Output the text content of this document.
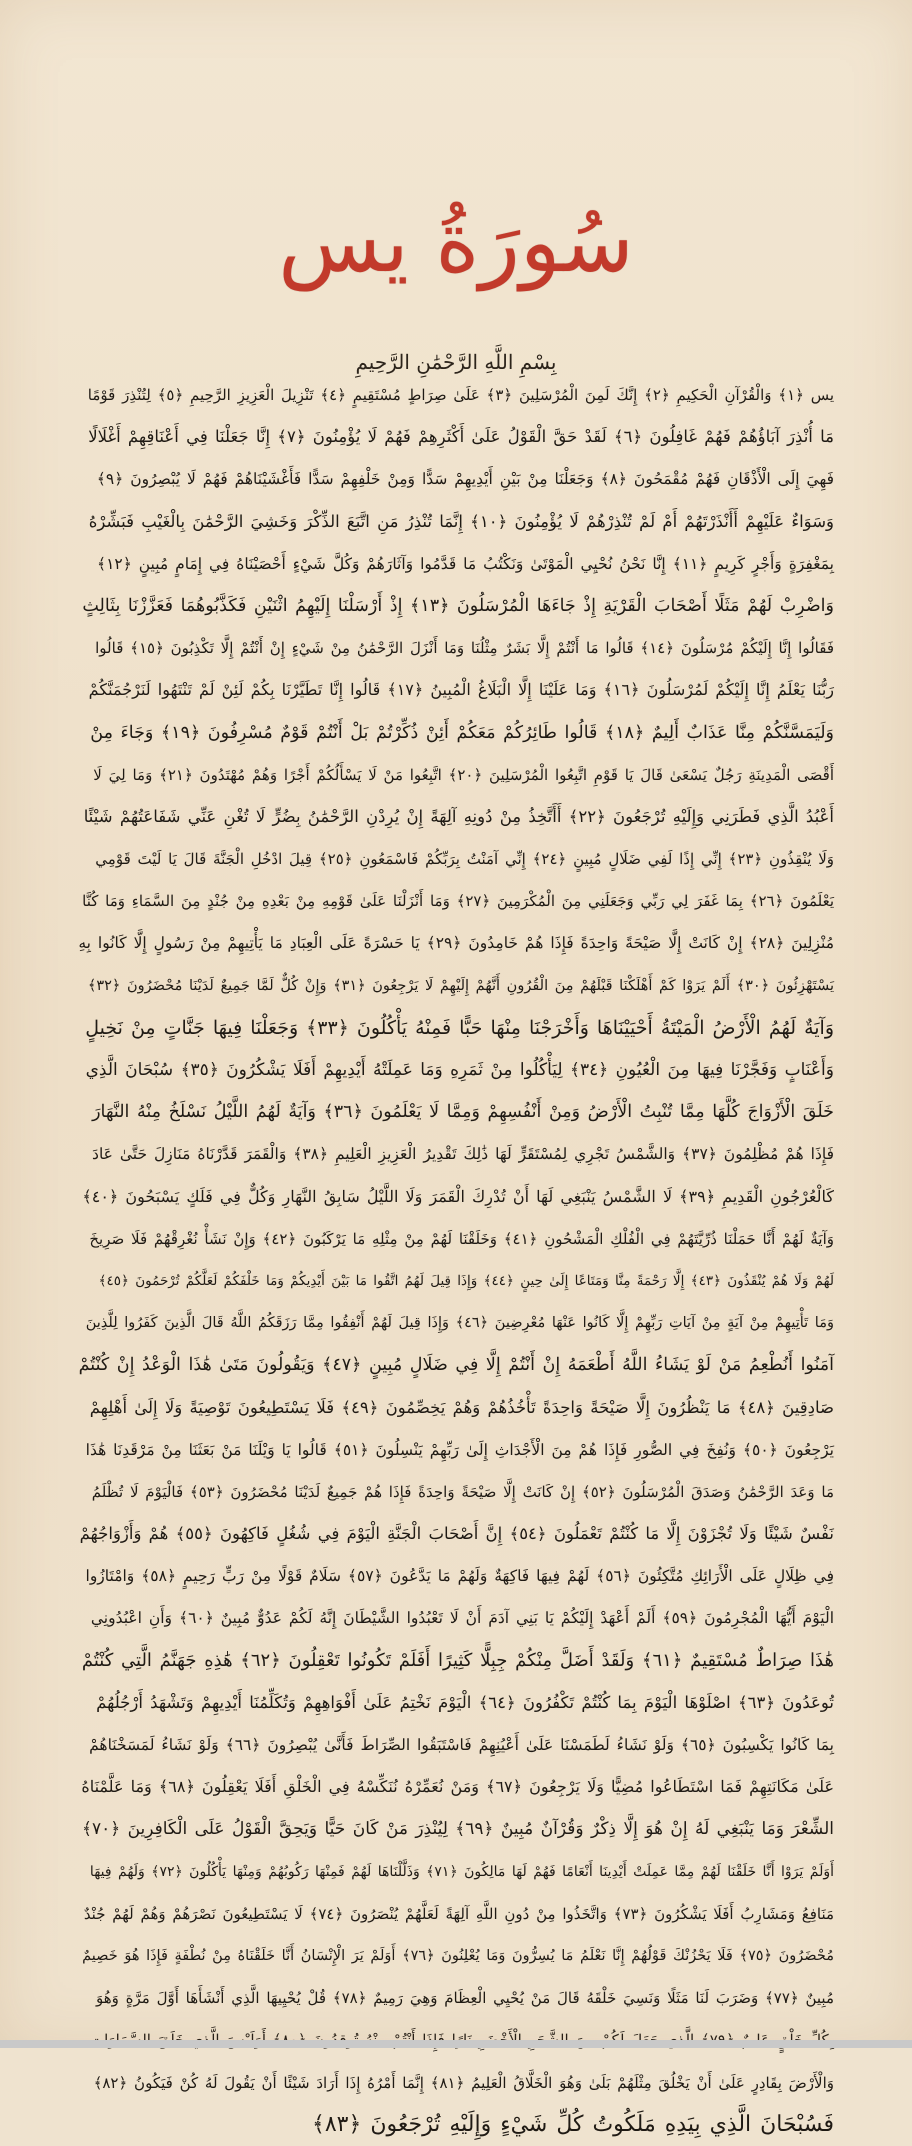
سُورَةُ يس
بِسْمِ اللَّهِ الرَّحْمَٰنِ الرَّحِيمِ
يس ﴿١﴾ وَالْقُرْآنِ الْحَكِيمِ ﴿٢﴾ إِنَّكَ لَمِنَ الْمُرْسَلِينَ ﴿٣﴾ عَلَىٰ صِرَاطٍ مُسْتَقِيمٍ ﴿٤﴾ تَنْزِيلَ الْعَزِيزِ الرَّحِيمِ ﴿٥﴾ لِتُنْذِرَ قَوْمًا
مَا أُنْذِرَ آبَاؤُهُمْ فَهُمْ غَافِلُونَ ﴿٦﴾ لَقَدْ حَقَّ الْقَوْلُ عَلَىٰ أَكْثَرِهِمْ فَهُمْ لَا يُؤْمِنُونَ ﴿٧﴾ إِنَّا جَعَلْنَا فِي أَعْنَاقِهِمْ أَغْلَالًا
فَهِيَ إِلَى الْأَذْقَانِ فَهُمْ مُقْمَحُونَ ﴿٨﴾ وَجَعَلْنَا مِنْ بَيْنِ أَيْدِيهِمْ سَدًّا وَمِنْ خَلْفِهِمْ سَدًّا فَأَغْشَيْنَاهُمْ فَهُمْ لَا يُبْصِرُونَ ﴿٩﴾
وَسَوَاءٌ عَلَيْهِمْ أَأَنْذَرْتَهُمْ أَمْ لَمْ تُنْذِرْهُمْ لَا يُؤْمِنُونَ ﴿١٠﴾ إِنَّمَا تُنْذِرُ مَنِ اتَّبَعَ الذِّكْرَ وَخَشِيَ الرَّحْمَٰنَ بِالْغَيْبِ فَبَشِّرْهُ
بِمَغْفِرَةٍ وَأَجْرٍ كَرِيمٍ ﴿١١﴾ إِنَّا نَحْنُ نُحْيِي الْمَوْتَىٰ وَنَكْتُبُ مَا قَدَّمُوا وَآثَارَهُمْ وَكُلَّ شَيْءٍ أَحْصَيْنَاهُ فِي إِمَامٍ مُبِينٍ ﴿١٢﴾
وَاضْرِبْ لَهُمْ مَثَلًا أَصْحَابَ الْقَرْيَةِ إِذْ جَاءَهَا الْمُرْسَلُونَ ﴿١٣﴾ إِذْ أَرْسَلْنَا إِلَيْهِمُ اثْنَيْنِ فَكَذَّبُوهُمَا فَعَزَّزْنَا بِثَالِثٍ
فَقَالُوا إِنَّا إِلَيْكُمْ مُرْسَلُونَ ﴿١٤﴾ قَالُوا مَا أَنْتُمْ إِلَّا بَشَرٌ مِثْلُنَا وَمَا أَنْزَلَ الرَّحْمَٰنُ مِنْ شَيْءٍ إِنْ أَنْتُمْ إِلَّا تَكْذِبُونَ ﴿١٥﴾ قَالُوا
رَبُّنَا يَعْلَمُ إِنَّا إِلَيْكُمْ لَمُرْسَلُونَ ﴿١٦﴾ وَمَا عَلَيْنَا إِلَّا الْبَلَاغُ الْمُبِينُ ﴿١٧﴾ قَالُوا إِنَّا تَطَيَّرْنَا بِكُمْ لَئِنْ لَمْ تَنْتَهُوا لَنَرْجُمَنَّكُمْ
وَلَيَمَسَّنَّكُمْ مِنَّا عَذَابٌ أَلِيمٌ ﴿١٨﴾ قَالُوا طَائِرُكُمْ مَعَكُمْ أَئِنْ ذُكِّرْتُمْ بَلْ أَنْتُمْ قَوْمٌ مُسْرِفُونَ ﴿١٩﴾ وَجَاءَ مِنْ
أَقْصَى الْمَدِينَةِ رَجُلٌ يَسْعَىٰ قَالَ يَا قَوْمِ اتَّبِعُوا الْمُرْسَلِينَ ﴿٢٠﴾ اتَّبِعُوا مَنْ لَا يَسْأَلُكُمْ أَجْرًا وَهُمْ مُهْتَدُونَ ﴿٢١﴾ وَمَا لِيَ لَا
أَعْبُدُ الَّذِي فَطَرَنِي وَإِلَيْهِ تُرْجَعُونَ ﴿٢٢﴾ أَأَتَّخِذُ مِنْ دُونِهِ آلِهَةً إِنْ يُرِدْنِ الرَّحْمَٰنُ بِضُرٍّ لَا تُغْنِ عَنِّي شَفَاعَتُهُمْ شَيْئًا
وَلَا يُنْقِذُونِ ﴿٢٣﴾ إِنِّي إِذًا لَفِي ضَلَالٍ مُبِينٍ ﴿٢٤﴾ إِنِّي آمَنْتُ بِرَبِّكُمْ فَاسْمَعُونِ ﴿٢٥﴾ قِيلَ ادْخُلِ الْجَنَّةَ قَالَ يَا لَيْتَ قَوْمِي
يَعْلَمُونَ ﴿٢٦﴾ بِمَا غَفَرَ لِي رَبِّي وَجَعَلَنِي مِنَ الْمُكْرَمِينَ ﴿٢٧﴾ وَمَا أَنْزَلْنَا عَلَىٰ قَوْمِهِ مِنْ بَعْدِهِ مِنْ جُنْدٍ مِنَ السَّمَاءِ وَمَا كُنَّا
مُنْزِلِينَ ﴿٢٨﴾ إِنْ كَانَتْ إِلَّا صَيْحَةً وَاحِدَةً فَإِذَا هُمْ خَامِدُونَ ﴿٢٩﴾ يَا حَسْرَةً عَلَى الْعِبَادِ مَا يَأْتِيهِمْ مِنْ رَسُولٍ إِلَّا كَانُوا بِهِ
يَسْتَهْزِئُونَ ﴿٣٠﴾ أَلَمْ يَرَوْا كَمْ أَهْلَكْنَا قَبْلَهُمْ مِنَ الْقُرُونِ أَنَّهُمْ إِلَيْهِمْ لَا يَرْجِعُونَ ﴿٣١﴾ وَإِنْ كُلٌّ لَمَّا جَمِيعٌ لَدَيْنَا مُحْضَرُونَ ﴿٣٢﴾
وَآيَةٌ لَهُمُ الْأَرْضُ الْمَيْتَةُ أَحْيَيْنَاهَا وَأَخْرَجْنَا مِنْهَا حَبًّا فَمِنْهُ يَأْكُلُونَ ﴿٣٣﴾ وَجَعَلْنَا فِيهَا جَنَّاتٍ مِنْ نَخِيلٍ
وَأَعْنَابٍ وَفَجَّرْنَا فِيهَا مِنَ الْعُيُونِ ﴿٣٤﴾ لِيَأْكُلُوا مِنْ ثَمَرِهِ وَمَا عَمِلَتْهُ أَيْدِيهِمْ أَفَلَا يَشْكُرُونَ ﴿٣٥﴾ سُبْحَانَ الَّذِي
خَلَقَ الْأَزْوَاجَ كُلَّهَا مِمَّا تُنْبِتُ الْأَرْضُ وَمِنْ أَنْفُسِهِمْ وَمِمَّا لَا يَعْلَمُونَ ﴿٣٦﴾ وَآيَةٌ لَهُمُ اللَّيْلُ نَسْلَخُ مِنْهُ النَّهَارَ
فَإِذَا هُمْ مُظْلِمُونَ ﴿٣٧﴾ وَالشَّمْسُ تَجْرِي لِمُسْتَقَرٍّ لَهَا ذَٰلِكَ تَقْدِيرُ الْعَزِيزِ الْعَلِيمِ ﴿٣٨﴾ وَالْقَمَرَ قَدَّرْنَاهُ مَنَازِلَ حَتَّىٰ عَادَ
كَالْعُرْجُونِ الْقَدِيمِ ﴿٣٩﴾ لَا الشَّمْسُ يَنْبَغِي لَهَا أَنْ تُدْرِكَ الْقَمَرَ وَلَا اللَّيْلُ سَابِقُ النَّهَارِ وَكُلٌّ فِي فَلَكٍ يَسْبَحُونَ ﴿٤٠﴾
وَآيَةٌ لَهُمْ أَنَّا حَمَلْنَا ذُرِّيَّتَهُمْ فِي الْفُلْكِ الْمَشْحُونِ ﴿٤١﴾ وَخَلَقْنَا لَهُمْ مِنْ مِثْلِهِ مَا يَرْكَبُونَ ﴿٤٢﴾ وَإِنْ نَشَأْ نُغْرِقْهُمْ فَلَا صَرِيخَ
لَهُمْ وَلَا هُمْ يُنْقَذُونَ ﴿٤٣﴾ إِلَّا رَحْمَةً مِنَّا وَمَتَاعًا إِلَىٰ حِينٍ ﴿٤٤﴾ وَإِذَا قِيلَ لَهُمُ اتَّقُوا مَا بَيْنَ أَيْدِيكُمْ وَمَا خَلْفَكُمْ لَعَلَّكُمْ تُرْحَمُونَ ﴿٤٥﴾
وَمَا تَأْتِيهِمْ مِنْ آيَةٍ مِنْ آيَاتِ رَبِّهِمْ إِلَّا كَانُوا عَنْهَا مُعْرِضِينَ ﴿٤٦﴾ وَإِذَا قِيلَ لَهُمْ أَنْفِقُوا مِمَّا رَزَقَكُمُ اللَّهُ قَالَ الَّذِينَ كَفَرُوا لِلَّذِينَ
آمَنُوا أَنُطْعِمُ مَنْ لَوْ يَشَاءُ اللَّهُ أَطْعَمَهُ إِنْ أَنْتُمْ إِلَّا فِي ضَلَالٍ مُبِينٍ ﴿٤٧﴾ وَيَقُولُونَ مَتَىٰ هَٰذَا الْوَعْدُ إِنْ كُنْتُمْ
صَادِقِينَ ﴿٤٨﴾ مَا يَنْظُرُونَ إِلَّا صَيْحَةً وَاحِدَةً تَأْخُذُهُمْ وَهُمْ يَخِصِّمُونَ ﴿٤٩﴾ فَلَا يَسْتَطِيعُونَ تَوْصِيَةً وَلَا إِلَىٰ أَهْلِهِمْ
يَرْجِعُونَ ﴿٥٠﴾ وَنُفِخَ فِي الصُّورِ فَإِذَا هُمْ مِنَ الْأَجْدَاثِ إِلَىٰ رَبِّهِمْ يَنْسِلُونَ ﴿٥١﴾ قَالُوا يَا وَيْلَنَا مَنْ بَعَثَنَا مِنْ مَرْقَدِنَا هَٰذَا
مَا وَعَدَ الرَّحْمَٰنُ وَصَدَقَ الْمُرْسَلُونَ ﴿٥٢﴾ إِنْ كَانَتْ إِلَّا صَيْحَةً وَاحِدَةً فَإِذَا هُمْ جَمِيعٌ لَدَيْنَا مُحْضَرُونَ ﴿٥٣﴾ فَالْيَوْمَ لَا تُظْلَمُ
نَفْسٌ شَيْئًا وَلَا تُجْزَوْنَ إِلَّا مَا كُنْتُمْ تَعْمَلُونَ ﴿٥٤﴾ إِنَّ أَصْحَابَ الْجَنَّةِ الْيَوْمَ فِي شُغُلٍ فَاكِهُونَ ﴿٥٥﴾ هُمْ وَأَزْوَاجُهُمْ
فِي ظِلَالٍ عَلَى الْأَرَائِكِ مُتَّكِئُونَ ﴿٥٦﴾ لَهُمْ فِيهَا فَاكِهَةٌ وَلَهُمْ مَا يَدَّعُونَ ﴿٥٧﴾ سَلَامٌ قَوْلًا مِنْ رَبٍّ رَحِيمٍ ﴿٥٨﴾ وَامْتَازُوا
الْيَوْمَ أَيُّهَا الْمُجْرِمُونَ ﴿٥٩﴾ أَلَمْ أَعْهَدْ إِلَيْكُمْ يَا بَنِي آدَمَ أَنْ لَا تَعْبُدُوا الشَّيْطَانَ إِنَّهُ لَكُمْ عَدُوٌّ مُبِينٌ ﴿٦٠﴾ وَأَنِ اعْبُدُونِي
هَٰذَا صِرَاطٌ مُسْتَقِيمٌ ﴿٦١﴾ وَلَقَدْ أَضَلَّ مِنْكُمْ جِبِلًّا كَثِيرًا أَفَلَمْ تَكُونُوا تَعْقِلُونَ ﴿٦٢﴾ هَٰذِهِ جَهَنَّمُ الَّتِي كُنْتُمْ
تُوعَدُونَ ﴿٦٣﴾ اصْلَوْهَا الْيَوْمَ بِمَا كُنْتُمْ تَكْفُرُونَ ﴿٦٤﴾ الْيَوْمَ نَخْتِمُ عَلَىٰ أَفْوَاهِهِمْ وَتُكَلِّمُنَا أَيْدِيهِمْ وَتَشْهَدُ أَرْجُلُهُمْ
بِمَا كَانُوا يَكْسِبُونَ ﴿٦٥﴾ وَلَوْ نَشَاءُ لَطَمَسْنَا عَلَىٰ أَعْيُنِهِمْ فَاسْتَبَقُوا الصِّرَاطَ فَأَنَّىٰ يُبْصِرُونَ ﴿٦٦﴾ وَلَوْ نَشَاءُ لَمَسَخْنَاهُمْ
عَلَىٰ مَكَانَتِهِمْ فَمَا اسْتَطَاعُوا مُضِيًّا وَلَا يَرْجِعُونَ ﴿٦٧﴾ وَمَنْ نُعَمِّرْهُ نُنَكِّسْهُ فِي الْخَلْقِ أَفَلَا يَعْقِلُونَ ﴿٦٨﴾ وَمَا عَلَّمْنَاهُ
الشِّعْرَ وَمَا يَنْبَغِي لَهُ إِنْ هُوَ إِلَّا ذِكْرٌ وَقُرْآنٌ مُبِينٌ ﴿٦٩﴾ لِيُنْذِرَ مَنْ كَانَ حَيًّا وَيَحِقَّ الْقَوْلُ عَلَى الْكَافِرِينَ ﴿٧٠﴾
أَوَلَمْ يَرَوْا أَنَّا خَلَقْنَا لَهُمْ مِمَّا عَمِلَتْ أَيْدِينَا أَنْعَامًا فَهُمْ لَهَا مَالِكُونَ ﴿٧١﴾ وَذَلَّلْنَاهَا لَهُمْ فَمِنْهَا رَكُوبُهُمْ وَمِنْهَا يَأْكُلُونَ ﴿٧٢﴾ وَلَهُمْ فِيهَا
مَنَافِعُ وَمَشَارِبُ أَفَلَا يَشْكُرُونَ ﴿٧٣﴾ وَاتَّخَذُوا مِنْ دُونِ اللَّهِ آلِهَةً لَعَلَّهُمْ يُنْصَرُونَ ﴿٧٤﴾ لَا يَسْتَطِيعُونَ نَصْرَهُمْ وَهُمْ لَهُمْ جُنْدٌ
مُحْضَرُونَ ﴿٧٥﴾ فَلَا يَحْزُنْكَ قَوْلُهُمْ إِنَّا نَعْلَمُ مَا يُسِرُّونَ وَمَا يُعْلِنُونَ ﴿٧٦﴾ أَوَلَمْ يَرَ الْإِنْسَانُ أَنَّا خَلَقْنَاهُ مِنْ نُطْفَةٍ فَإِذَا هُوَ خَصِيمٌ
مُبِينٌ ﴿٧٧﴾ وَضَرَبَ لَنَا مَثَلًا وَنَسِيَ خَلْقَهُ قَالَ مَنْ يُحْيِي الْعِظَامَ وَهِيَ رَمِيمٌ ﴿٧٨﴾ قُلْ يُحْيِيهَا الَّذِي أَنْشَأَهَا أَوَّلَ مَرَّةٍ وَهُوَ
وَالْأَرْضَ بِقَادِرٍ عَلَىٰ أَنْ يَخْلُقَ مِثْلَهُمْ بَلَىٰ وَهُوَ الْخَلَّاقُ الْعَلِيمُ ﴿٨١﴾ إِنَّمَا أَمْرُهُ إِذَا أَرَادَ شَيْئًا أَنْ يَقُولَ لَهُ كُنْ فَيَكُونُ ﴿٨٢﴾
فَسُبْحَانَ الَّذِي بِيَدِهِ مَلَكُوتُ كُلِّ شَيْءٍ وَإِلَيْهِ تُرْجَعُونَ ﴿٨٣﴾
